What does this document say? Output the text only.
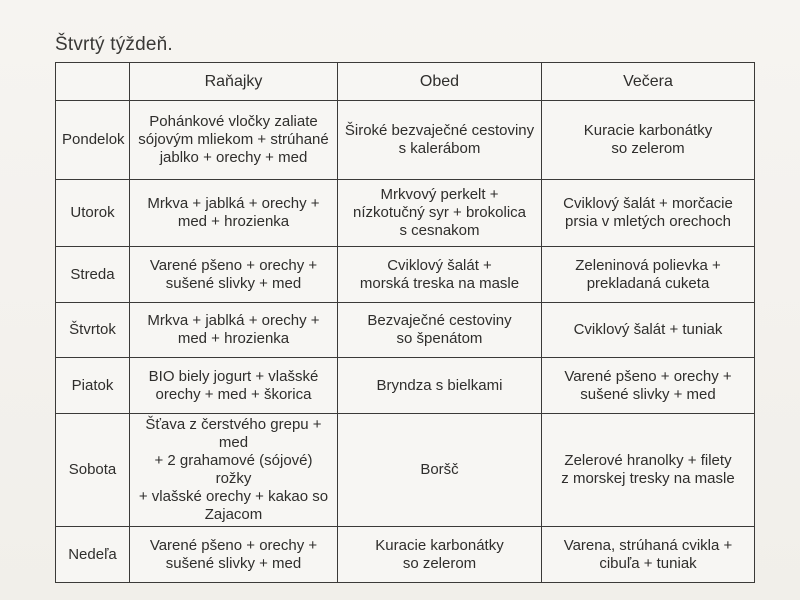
Štvrtý týždeň.
	Raňajky	Obed	Večera
Pondelok	Pohánkové vločky zaliate
sójovým mliekom + strúhané
jablko + orechy + med	Široké bezvaječné cestoviny
s kalerábom	Kuracie karbonátky
so zelerom
Utorok	Mrkva + jablká + orechy +
med + hrozienka	Mrkvový perkelt +
nízkotučný syr + brokolica
s cesnakom	Cviklový šalát + morčacie
prsia v mletých orechoch
Streda	Varené pšeno + orechy +
sušené slivky + med	Cviklový šalát +
morská treska na masle	Zeleninová polievka +
prekladaná cuketa
Štvrtok	Mrkva + jablká + orechy +
med + hrozienka	Bezvaječné cestoviny
so špenátom	Cviklový šalát + tuniak
Piatok	BIO biely jogurt + vlašské
orechy + med + škorica	Bryndza s bielkami	Varené pšeno + orechy +
sušené slivky + med
Sobota	Šťava z čerstvého grepu + med
+ 2 grahamové (sójové) rožky
+ vlašské orechy + kakao so
Zajacom	Boršč	Zelerové hranolky + filety
z morskej tresky na masle
Nedeľa	Varené pšeno + orechy +
sušené slivky + med	Kuracie karbonátky
so zelerom	Varena, strúhaná cvikla +
cibuľa + tuniak
